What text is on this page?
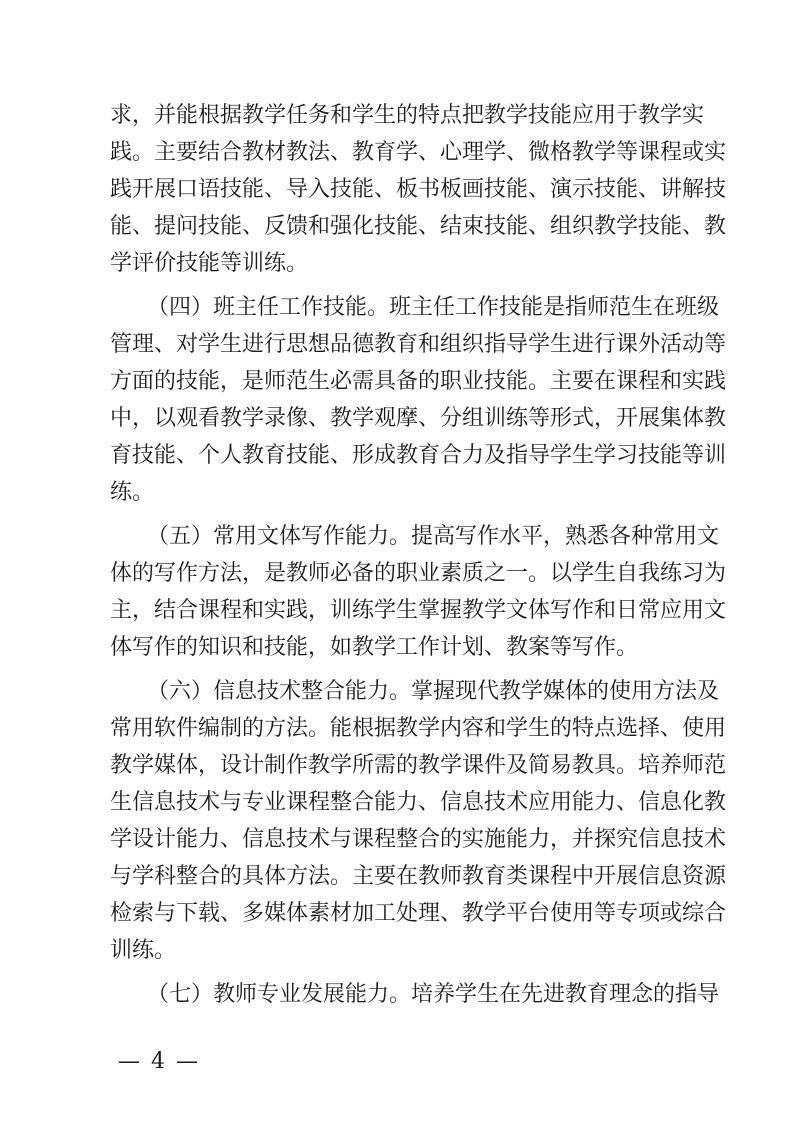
求，并能根据教学任务和学生的特点把教学技能应用于教学实
践。主要结合教材教法、教育学、心理学、微格教学等课程或实
践开展口语技能、导入技能、板书板画技能、演示技能、讲解技
能、提问技能、反馈和强化技能、结束技能、组织教学技能、教
学评价技能等训练。
（四）班主任工作技能。班主任工作技能是指师范生在班级
管理、对学生进行思想品德教育和组织指导学生进行课外活动等
方面的技能，是师范生必需具备的职业技能。主要在课程和实践
中，以观看教学录像、教学观摩、分组训练等形式，开展集体教
育技能、个人教育技能、形成教育合力及指导学生学习技能等训
练。
（五）常用文体写作能力。提高写作水平，熟悉各种常用文
体的写作方法，是教师必备的职业素质之一。以学生自我练习为
主，结合课程和实践，训练学生掌握教学文体写作和日常应用文
体写作的知识和技能，如教学工作计划、教案等写作。
（六）信息技术整合能力。掌握现代教学媒体的使用方法及
常用软件编制的方法。能根据教学内容和学生的特点选择、使用
教学媒体，设计制作教学所需的教学课件及简易教具。培养师范
生信息技术与专业课程整合能力、信息技术应用能力、信息化教
学设计能力、信息技术与课程整合的实施能力，并探究信息技术
与学科整合的具体方法。主要在教师教育类课程中开展信息资源
检索与下载、多媒体素材加工处理、教学平台使用等专项或综合
训练。
（七）教师专业发展能力。培养学生在先进教育理念的指导
— 4 —
